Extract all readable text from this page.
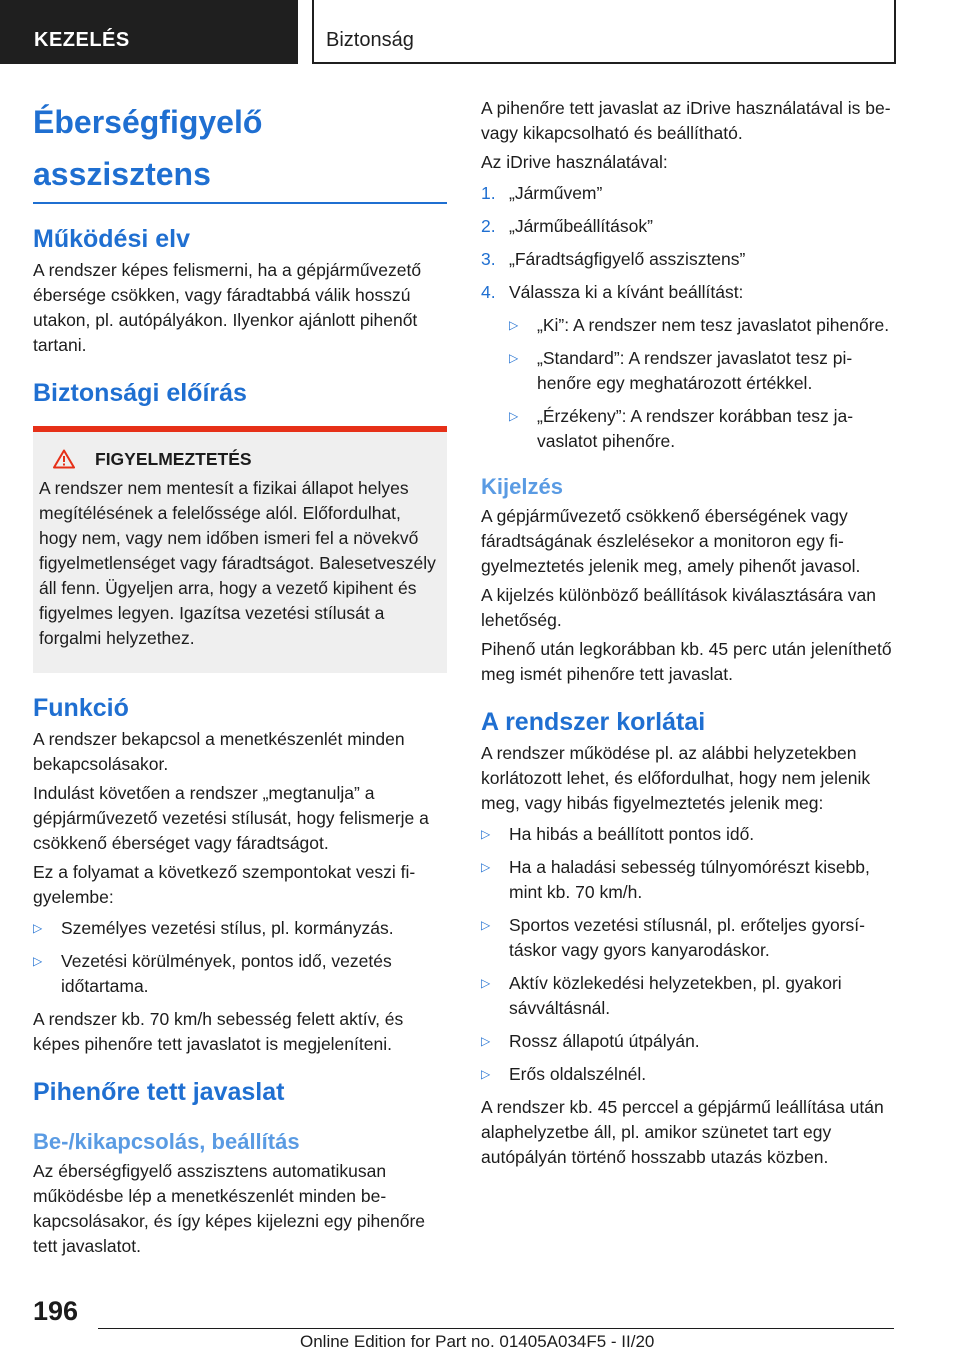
KEZELÉS	Biztonság
Éberségfigyelő asszisztens
Működési elv

A rendszer képes felismerni, ha a gépjárművezető ébersége csökken, vagy fáradtabbá válik hosszú utakon, pl. autópályákon. Ilyenkor ajánlott pihenőt tartani.

Biztonsági előírás
FIGYELMEZTETÉS

A rendszer nem mentesít a fizikai állapot helyes megítélésének a felelőssége alól. Előfordulhat, hogy nem, vagy nem időben ismeri fel a növekvő figyelmetlenséget vagy fáradtságot. Balesetveszély áll fenn. Ügyeljen arra, hogy a vezető kipihent és figyelmes legyen. Igazítsa vezetési stílusát a forgalmi helyzethez.

Funkció

A rendszer bekapcsol a menetkészenlét minden bekapcsolásakor.

Indulást követően a rendszer „megtanulja” a gépjárművezető vezetési stílusát, hogy felismerje a csökkenő éberséget vagy fáradtságot.

Ez a folyamat a következő szempontokat veszi figyelembe:

▷	Személyes vezetési stílus, pl. kormányzás.
▷	Vezetési körülmények, pontos idő, vezetés időtartama.

A rendszer kb. 70 km/h sebesség felett aktív, és képes pihenőre tett javaslatot is megjeleníteni.

Pihenőre tett javaslat
Be-/kikapcsolás, beállítás

Az éberségfigyelő asszisztens automatikusan működésbe lép a menetkészenlét minden bekapcsolásakor, és így képes kijelezni egy pihenőre tett javaslatot.

A pihenőre tett javaslat az iDrive használatával is be- vagy kikapcsolható és beállítható.

Az iDrive használatával:

1. „Járművem”
2. „Járműbeállítások”
3. „Fáradtságfigyelő asszisztens”
4. Válassza ki a kívánt beállítást:
▷	„Ki”: A rendszer nem tesz javaslatot pihenőre.
▷	„Standard”: A rendszer javaslatot tesz pihenőre egy meghatározott értékkel.
▷	„Érzékeny”: A rendszer korábban tesz javaslatot pihenőre.
Kijelzés

A gépjárművezető csökkenő éberségének vagy fáradtságának észlelésekor a monitoron egy figyelmeztetés jelenik meg, amely pihenőt javasol.

A kijelzés különböző beállítások kiválasztására van lehetőség.

Pihenő után legkorábban kb. 45 perc után jeleníthető meg ismét pihenőre tett javaslat.

A rendszer korlátai

A rendszer működése pl. az alábbi helyzetekben korlátozott lehet, és előfordulhat, hogy nem jelenik meg, vagy hibás figyelmeztetés jelenik meg:

▷	Ha hibás a beállított pontos idő.
▷	Ha a haladási sebesség túlnyomórészt kisebb, mint kb. 70 km/h.
▷	Sportos vezetési stílusnál, pl. erőteljes gyorsításkor vagy gyors kanyarodáskor.
▷	Aktív közlekedési helyzetekben, pl. gyakori sávváltásnál.
▷	Rossz állapotú útpályán.
▷	Erős oldalszélnél.

A rendszer kb. 45 perccel a gépjármű leállítása után alaphelyzetbe áll, pl. amikor szünetet tart egy autópályán történő hosszabb utazás közben.

196
Online Edition for Part no. 01405A034F5 - II/20
